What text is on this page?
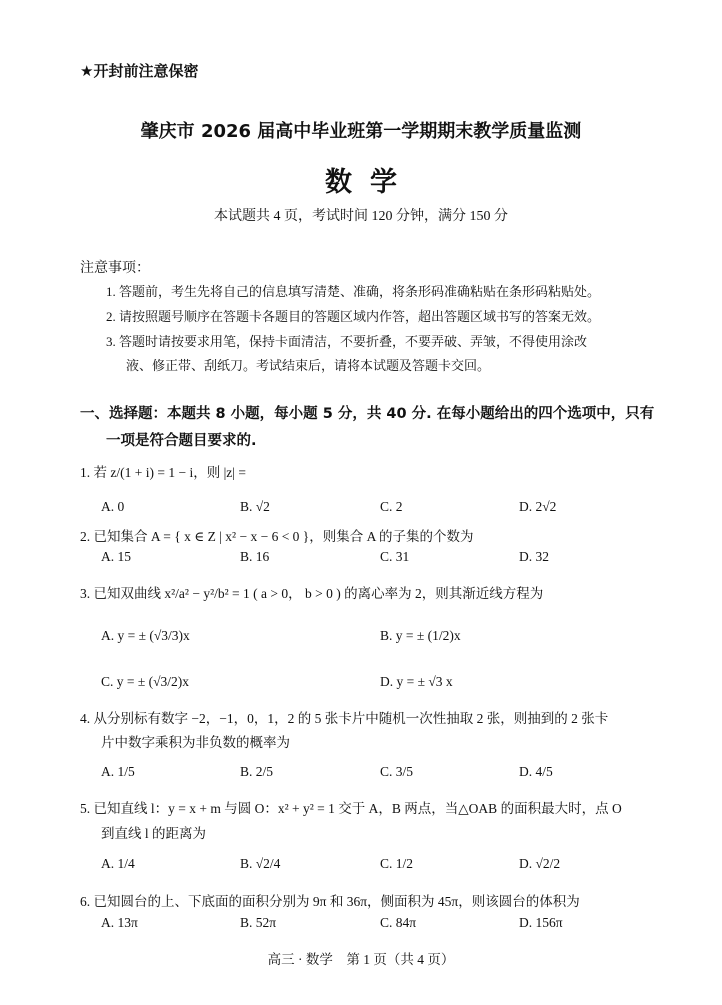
★开封前注意保密
肇庆市 2026 届高中毕业班第一学期期末教学质量监测
数学
本试题共 4 页，考试时间 120 分钟，满分 150 分
注意事项：
1. 答题前，考生先将自己的信息填写清楚、准确，将条形码准确粘贴在条形码粘贴处。
2. 请按照题号顺序在答题卡各题目的答题区域内作答，超出答题区域书写的答案无效。
3. 答题时请按要求用笔，保持卡面清洁，不要折叠，不要弄破、弄皱，不得使用涂改
液、修正带、刮纸刀。考试结束后，请将本试题及答题卡交回。
一、选择题：本题共 8 小题，每小题 5 分，共 40 分. 在每小题给出的四个选项中，只有
一项是符合题目要求的.
1. 若 z/(1 + i) = 1 − i，则 |z| =
A. 0	B. √2	C. 2	D. 2√2
2. 已知集合 A = { x ∈ Z | x² − x − 6 < 0 }，则集合 A 的子集的个数为
A. 15	B. 16	C. 31	D. 32
3. 已知双曲线 x²/a² − y²/b² = 1 ( a > 0， b > 0 ) 的离心率为 2，则其渐近线方程为
A. y = ± (√3/3)x	B. y = ± (1/2)x
C. y = ± (√3/2)x	D. y = ± √3 x
4. 从分别标有数字 −2，−1，0，1，2 的 5 张卡片中随机一次性抽取 2 张，则抽到的 2 张卡
片中数字乘积为非负数的概率为
A. 1/5	B. 2/5	C. 3/5	D. 4/5
5. 已知直线 l：y = x + m 与圆 O：x² + y² = 1 交于 A，B 两点，当△OAB 的面积最大时，点 O
到直线 l 的距离为
A. 1/4	B. √2/4	C. 1/2	D. √2/2
6. 已知圆台的上、下底面的面积分别为 9π 和 36π，侧面积为 45π，则该圆台的体积为
A. 13π	B. 52π	C. 84π	D. 156π
高三 · 数学　第 1 页（共 4 页）
